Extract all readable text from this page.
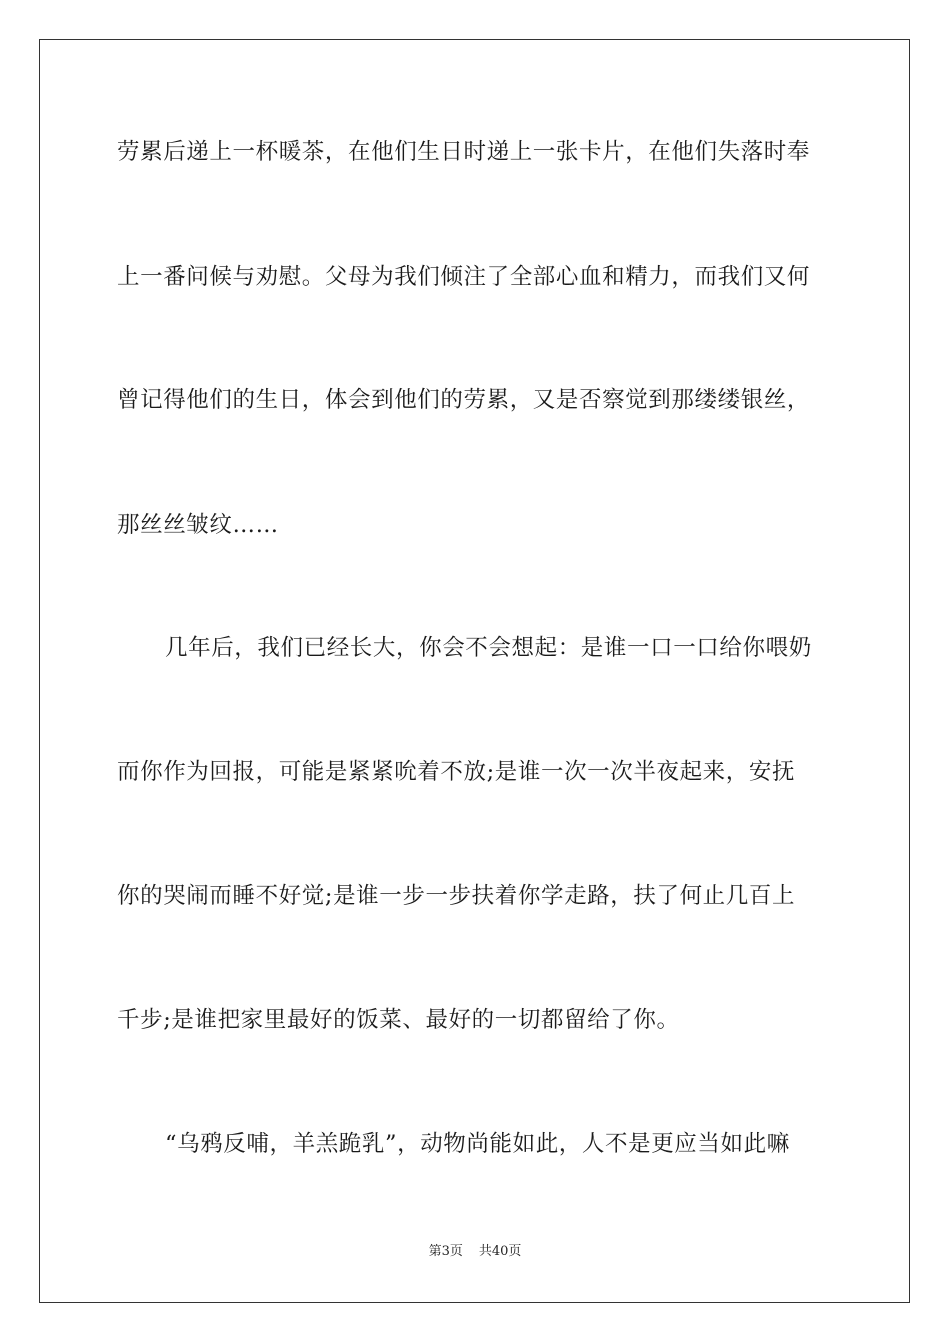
劳累后递上一杯暖茶，在他们生日时递上一张卡片，在他们失落时奉
上一番问候与劝慰。父母为我们倾注了全部心血和精力，而我们又何
曾记得他们的生日，体会到他们的劳累，又是否察觉到那缕缕银丝，
那丝丝皱纹……
几年后，我们已经长大，你会不会想起：是谁一口一口给你喂奶
而你作为回报，可能是紧紧吮着不放;是谁一次一次半夜起来，安抚
你的哭闹而睡不好觉;是谁一步一步扶着你学走路，扶了何止几百上
千步;是谁把家里最好的饭菜、最好的一切都留给了你。
“乌鸦反哺，羊羔跪乳”，动物尚能如此，人不是更应当如此嘛
第3页 共40页
